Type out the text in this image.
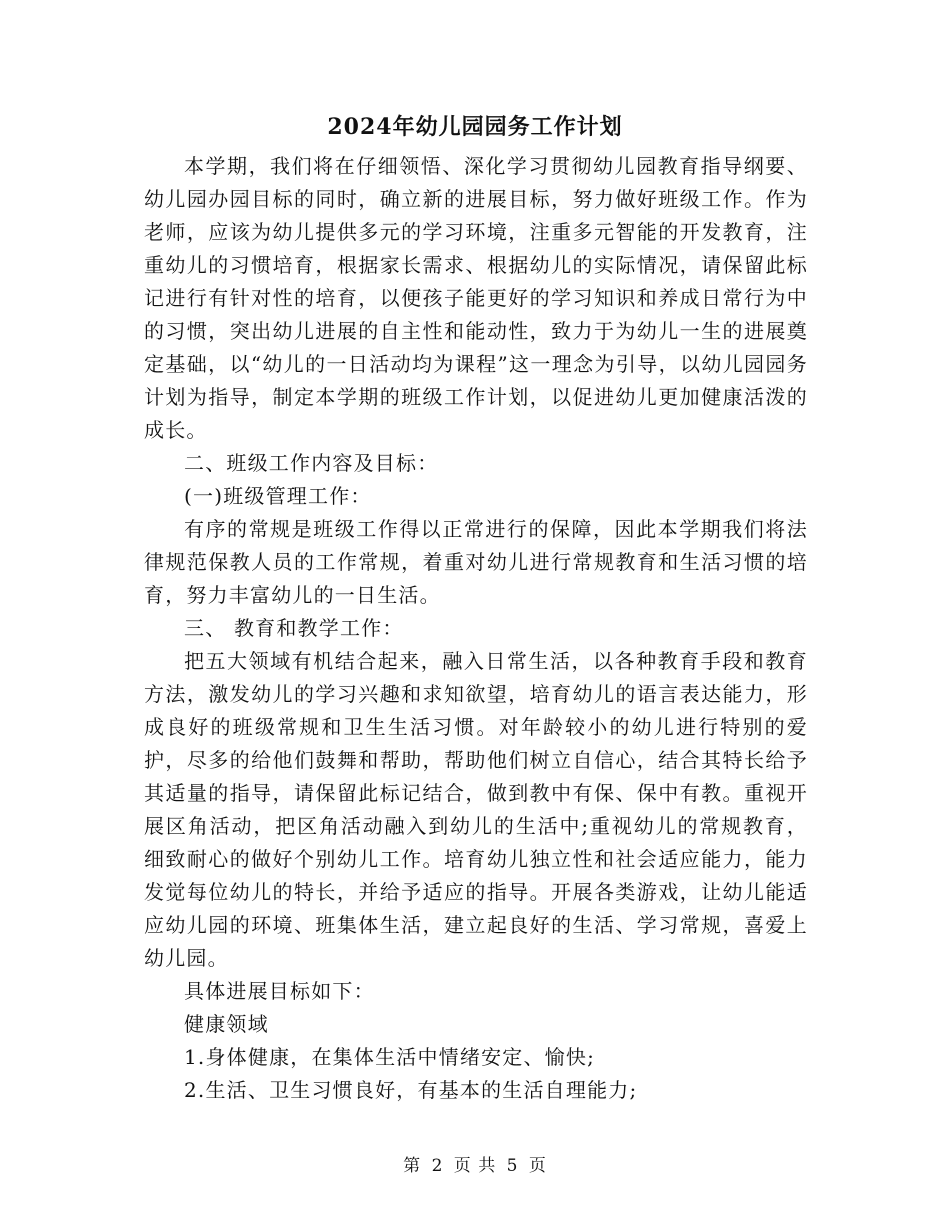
2024年幼儿园园务工作计划

本学期，我们将在仔细领悟、深化学习贯彻幼儿园教育指导纲要、幼儿园办园目标的同时，确立新的进展目标，努力做好班级工作。作为老师，应该为幼儿提供多元的学习环境，注重多元智能的开发教育，注重幼儿的习惯培育，根据家长需求、根据幼儿的实际情况，请保留此标记进行有针对性的培育，以便孩子能更好的学习知识和养成日常行为中的习惯，突出幼儿进展的自主性和能动性，致力于为幼儿一生的进展奠定基础，以“幼儿的一日活动均为课程”这一理念为引导，以幼儿园园务计划为指导，制定本学期的班级工作计划，以促进幼儿更加健康活泼的成长。

二、班级工作内容及目标：

(一)班级管理工作：

有序的常规是班级工作得以正常进行的保障，因此本学期我们将法律规范保教人员的工作常规，着重对幼儿进行常规教育和生活习惯的培育，努力丰富幼儿的一日生活。

三、 教育和教学工作：

把五大领域有机结合起来，融入日常生活，以各种教育手段和教育方法，激发幼儿的学习兴趣和求知欲望，培育幼儿的语言表达能力，形成良好的班级常规和卫生生活习惯。对年龄较小的幼儿进行特别的爱护，尽多的给他们鼓舞和帮助，帮助他们树立自信心，结合其特长给予其适量的指导，请保留此标记结合，做到教中有保、保中有教。重视开展区角活动，把区角活动融入到幼儿的生活中;重视幼儿的常规教育，细致耐心的做好个别幼儿工作。培育幼儿独立性和社会适应能力，能力发觉每位幼儿的特长，并给予适应的指导。开展各类游戏，让幼儿能适应幼儿园的环境、班集体生活，建立起良好的生活、学习常规，喜爱上幼儿园。

具体进展目标如下：

健康领域

1.身体健康，在集体生活中情绪安定、愉快;

2.生活、卫生习惯良好，有基本的生活自理能力;

第 2 页 共 5 页
